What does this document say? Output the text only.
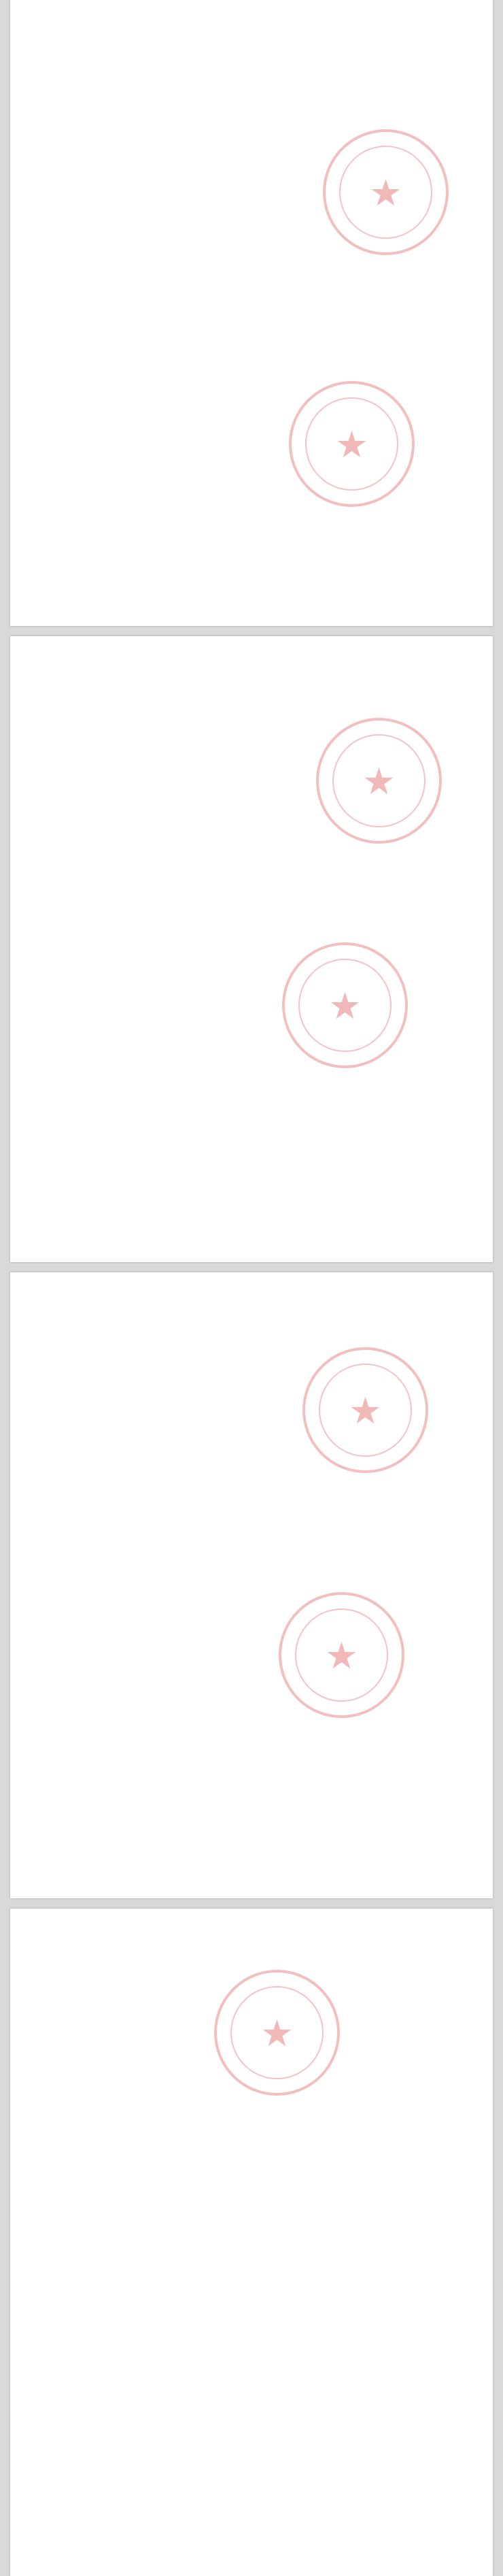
★
★
★
★
★
★
★
